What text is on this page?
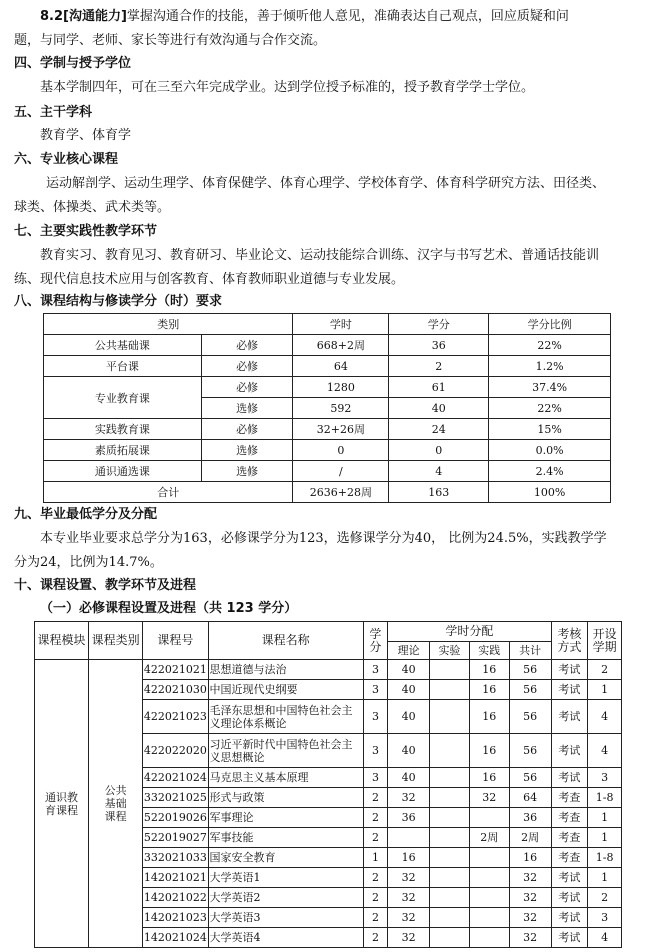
8.2[沟通能力]掌握沟通合作的技能，善于倾听他人意见，准确表达自己观点，回应质疑和问
题，与同学、老师、家长等进行有效沟通与合作交流。

四、学制与授予学位

基本学制四年，可在三至六年完成学业。达到学位授予标准的，授予教育学学士学位。

五、主干学科

教育学、体育学

六、专业核心课程

运动解剖学、运动生理学、体育保健学、体育心理学、学校体育学、体育科学研究方法、田径类、
球类、体操类、武术类等。

七、主要实践性教学环节

教育实习、教育见习、教育研习、毕业论文、运动技能综合训练、汉字与书写艺术、普通话技能训
练、现代信息技术应用与创客教育、体育教师职业道德与专业发展。

八、课程结构与修读学分（时）要求
类别		学时	学分	学分比例
公共基础课	必修	668+2周	36	22%
平台课	必修	64	2	1.2%
专业教育课	必修	1280	61	37.4%
	选修	592	40	22%
实践教育课	必修	32+26周	24	15%
素质拓展课	选修	0	0	0.0%
通识通选课	选修	/	4	2.4%
合计		2636+28周	163	100%
九、毕业最低学分及分配

本专业毕业要求总学分为163，必修课学分为123，选修课学分为40， 比例为24.5%，实践教学学
分为24，比例为14.7%。

十、课程设置、教学环节及进程
（一）必修课程设置及进程（共 123 学分）
课程模块	课程类别	课程号	课程名称	学分	学时分配				考核方式	开设学期
					理论	实验	实践	共计		
通识教育课程	公共基础课程	422021021	思想道德与法治	3	40		16	56	考试	2
		422021030	中国近现代史纲要	3	40		16	56	考试	1
		422021023	毛泽东思想和中国特色社会主义理论体系概论	3	40		16	56	考试	4
		422022020	习近平新时代中国特色社会主义思想概论	3	40		16	56	考试	4
		422021024	马克思主义基本原理	3	40		16	56	考试	3
		332021025	形式与政策	2	32		32	64	考查	1-8
		522019026	军事理论	2	36			36	考查	1
		522019027	军事技能	2			2周	2周	考查	1
		332021033	国家安全教育	1	16			16	考查	1-8
		142021021	大学英语1	2	32			32	考试	1
		142021022	大学英语2	2	32			32	考试	2
		142021023	大学英语3	2	32			32	考试	3
		142021024	大学英语4	2	32			32	考试	4
